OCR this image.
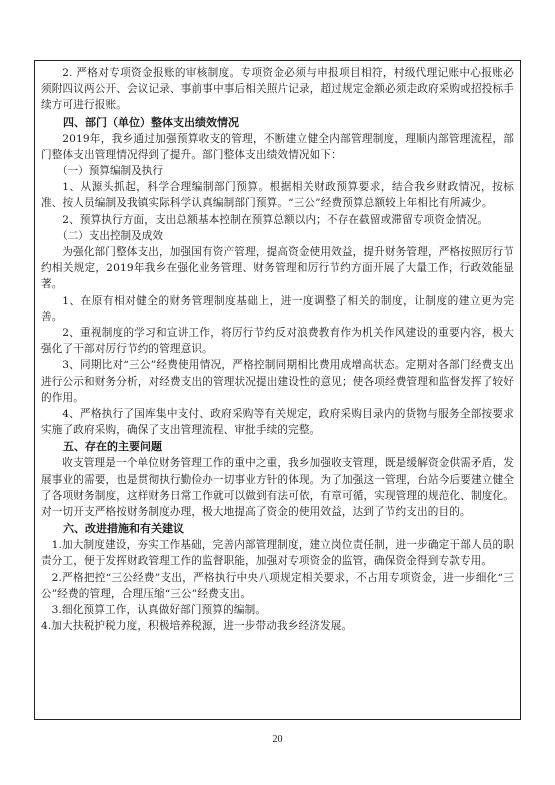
2. 严格对专项资金报账的审核制度。专项资金必须与申报项目相符，村级代理记账中心报账必须附四议两公开、会议记录、事前事中事后相关照片记录，超过规定金额必须走政府采购或招投标手续方可进行报账。

四、部门（单位）整体支出绩效情况

2019年，我乡通过加强预算收支的管理，不断建立健全内部管理制度，理顺内部管理流程，部门整体支出管理情况得到了提升。部门整体支出绩效情况如下：

（一）预算编制及执行

1、从源头抓起，科学合理编制部门预算。根据相关财政预算要求，结合我乡财政情况，按标准、按人员编制及我镇实际科学认真编制部门预算。“三公”经费预算总额较上年相比有所减少。

2、预算执行方面，支出总额基本控制在预算总额以内；不存在截留或滞留专项资金情况。

（二）支出控制及成效

为强化部门整体支出，加强国有资产管理，提高资金使用效益，提升财务管理，严格按照厉行节约相关规定，2019年我乡在强化业务管理、财务管理和厉行节约方面开展了大量工作，行政效能显著。

1、在原有相对健全的财务管理制度基础上，进一度调整了相关的制度，让制度的建立更为完善。

2、重视制度的学习和宣讲工作，将厉行节约反对浪费教育作为机关作风建设的重要内容，极大强化了干部对厉行节约的管理意识。

3、同期比对“三公”经费使用情况，严格控制同期相比费用成增高状态。定期对各部门经费支出进行公示和财务分析，对经费支出的管理状况提出建设性的意见；使各项经费管理和监督发挥了较好的作用。

4、严格执行了国库集中支付、政府采购等有关规定，政府采购目录内的货物与服务全部按要求实施了政府采购，确保了支出管理流程、审批手续的完整。

五、存在的主要问题

收支管理是一个单位财务管理工作的重中之重，我乡加强收支管理，既是缓解资金供需矛盾，发展事业的需要，也是贯彻执行勤俭办一切事业方针的体现。为了加强这一管理，台站今后要建立健全了各项财务制度，这样财务日常工作就可以做到有法可依，有章可循，实现管理的规范化、制度化。对一切开支严格按财务制度办理，极大地提高了资金的使用效益，达到了节约支出的目的。

六、改进措施和有关建议

1.加大制度建设，夯实工作基础，完善内部管理制度，建立岗位责任制，进一步确定干部人员的职责分工，便于发挥财政管理工作的监督职能，加强对专项资金的监管，确保资金得到专款专用。

2.严格把控“三公经费”支出，严格执行中央八项规定相关要求，不占用专项资金，进一步细化“三公”经费的管理，合理压缩“三公”经费支出。

3.细化预算工作，认真做好部门预算的编制。

4.加大扶税护税力度，积极培养税源，进一步带动我乡经济发展。

20
